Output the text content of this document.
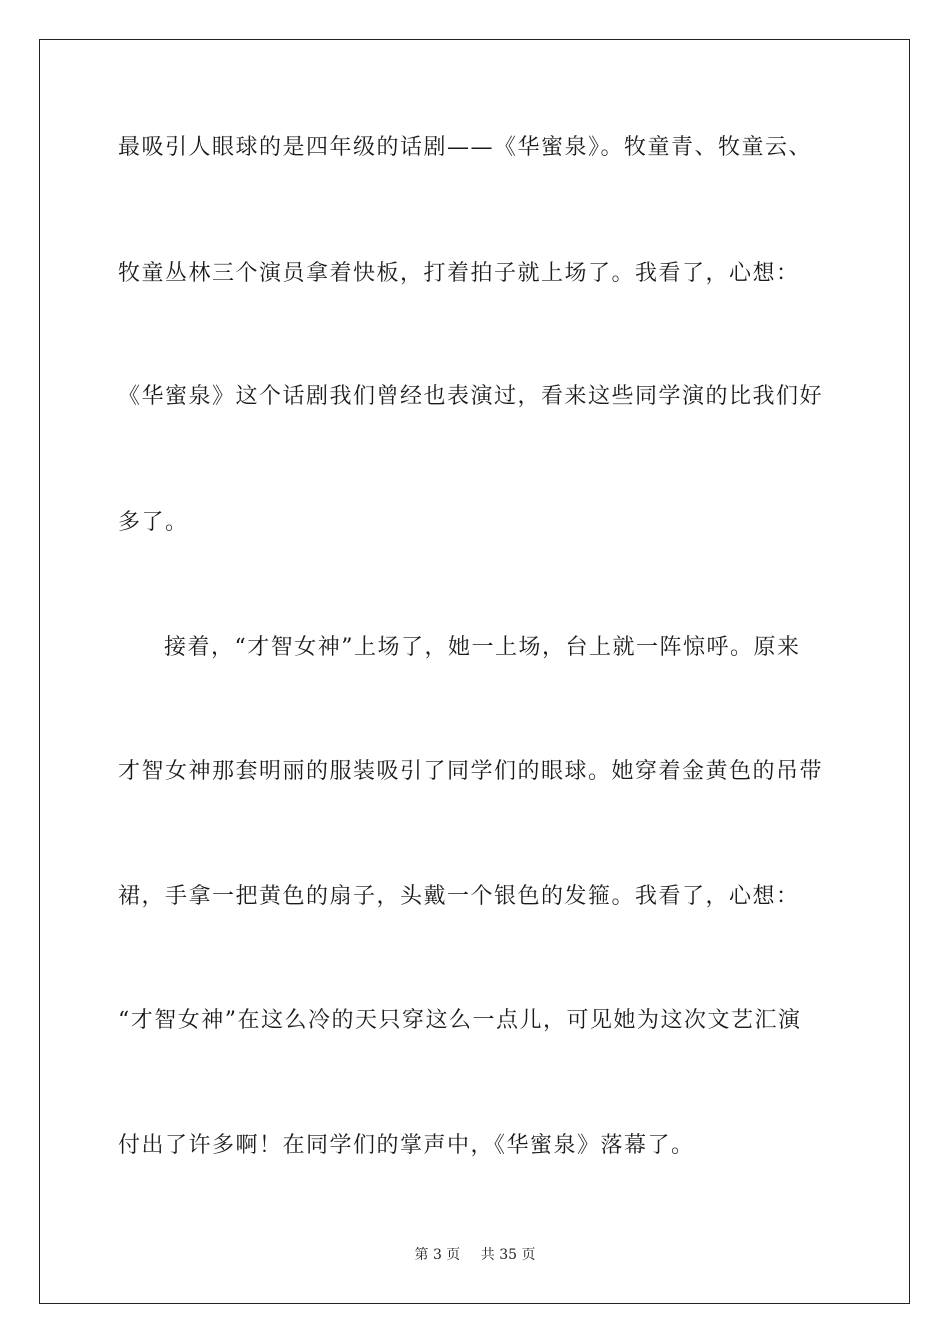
最吸引人眼球的是四年级的话剧——《华蜜泉》。牧童青、牧童云、
牧童丛林三个演员拿着快板，打着拍子就上场了。我看了，心想：
《华蜜泉》这个话剧我们曾经也表演过，看来这些同学演的比我们好
多了。
接着，“才智女神”上场了，她一上场，台上就一阵惊呼。原来
才智女神那套明丽的服装吸引了同学们的眼球。她穿着金黄色的吊带
裙，手拿一把黄色的扇子，头戴一个银色的发箍。我看了，心想：
“才智女神”在这么冷的天只穿这么一点儿，可见她为这次文艺汇演
付出了许多啊！在同学们的掌声中，《华蜜泉》落幕了。
第 3 页 共 35 页
